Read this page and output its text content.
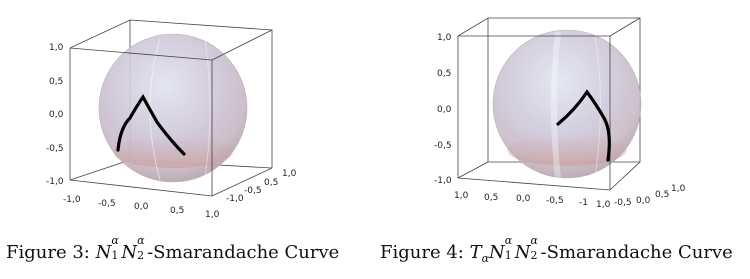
1,0
0,5
0,0
-0,5
-1,0
-1,0 -0,5 0,0 0,5 1,0
1,0
0,5
-1,0
-0,5
Figure 3: N
α
1 N
α
2 -Smarandache Curve
1,0
0,5
0,0
-0,5
-1,0
1,0 0,5 0,0 -0,5 -1 1,0 -0,5 0,0
0,5
1,0
Figure 4: $T_\alpha N$
α
1 N
α
2 -Smarandache Curve
